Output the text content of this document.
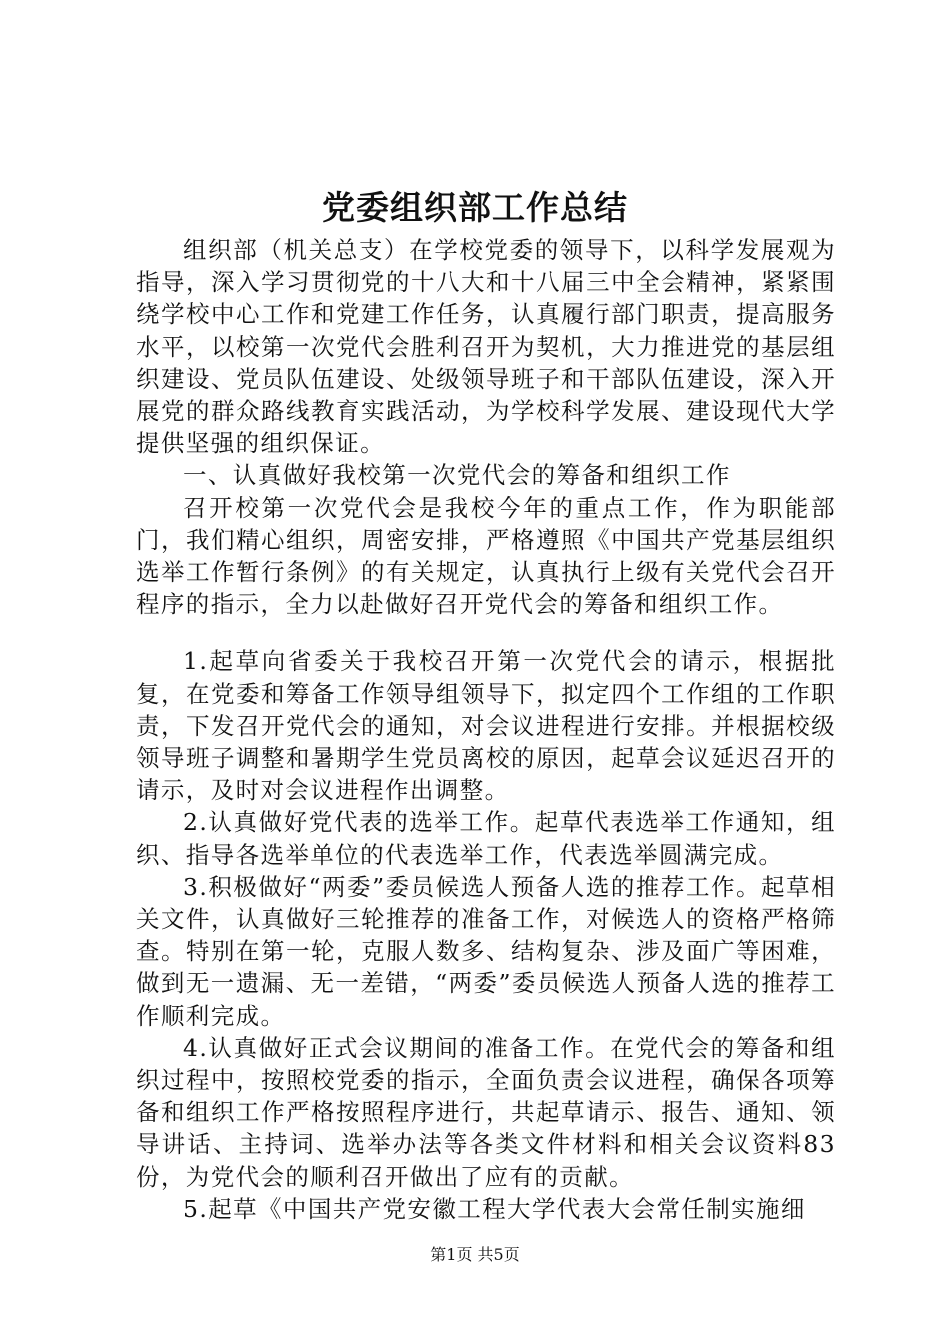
党委组织部工作总结

组织部（机关总支）在学校党委的领导下，以科学发展观为指导，深入学习贯彻党的十八大和十八届三中全会精神，紧紧围绕学校中心工作和党建工作任务，认真履行部门职责，提高服务水平，以校第一次党代会胜利召开为契机，大力推进党的基层组织建设、党员队伍建设、处级领导班子和干部队伍建设，深入开展党的群众路线教育实践活动，为学校科学发展、建设现代大学提供坚强的组织保证。

一、认真做好我校第一次党代会的筹备和组织工作

召开校第一次党代会是我校今年的重点工作，作为职能部门，我们精心组织，周密安排，严格遵照《中国共产党基层组织选举工作暂行条例》的有关规定，认真执行上级有关党代会召开程序的指示，全力以赴做好召开党代会的筹备和组织工作。

1.起草向省委关于我校召开第一次党代会的请示，根据批复，在党委和筹备工作领导组领导下，拟定四个工作组的工作职责，下发召开党代会的通知，对会议进程进行安排。并根据校级领导班子调整和暑期学生党员离校的原因，起草会议延迟召开的请示，及时对会议进程作出调整。

2.认真做好党代表的选举工作。起草代表选举工作通知，组织、指导各选举单位的代表选举工作，代表选举圆满完成。

3.积极做好“两委”委员候选人预备人选的推荐工作。起草相关文件，认真做好三轮推荐的准备工作，对候选人的资格严格筛查。特别在第一轮，克服人数多、结构复杂、涉及面广等困难，做到无一遗漏、无一差错，“两委”委员候选人预备人选的推荐工作顺利完成。

4.认真做好正式会议期间的准备工作。在党代会的筹备和组织过程中，按照校党委的指示，全面负责会议进程，确保各项筹备和组织工作严格按照程序进行，共起草请示、报告、通知、领导讲话、主持词、选举办法等各类文件材料和相关会议资料83份，为党代会的顺利召开做出了应有的贡献。

5.起草《中国共产党安徽工程大学代表大会常任制实施细

第1页 共5页
